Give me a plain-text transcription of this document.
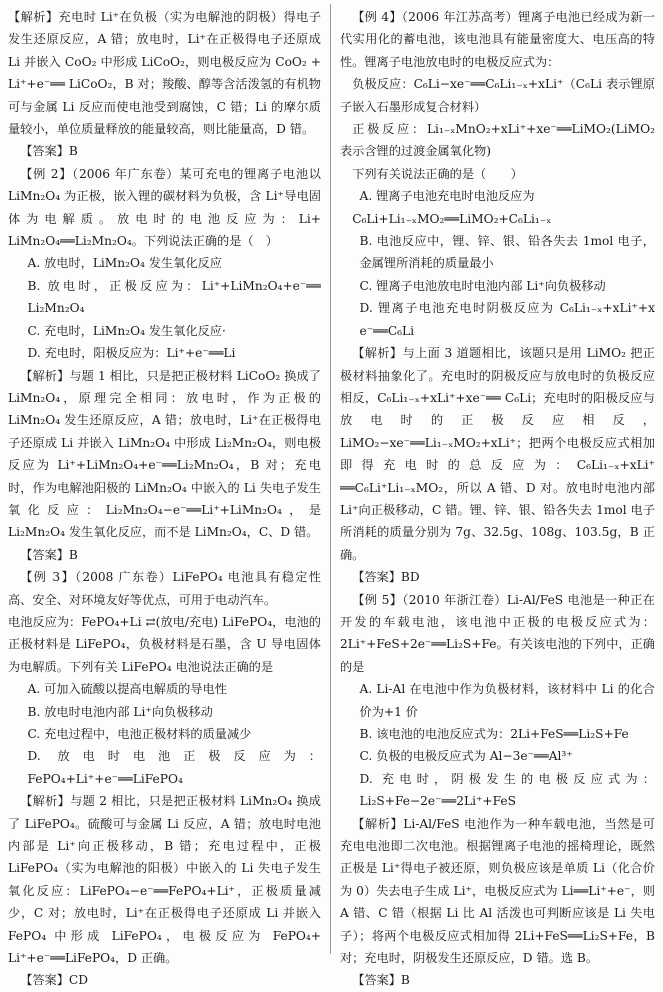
【解析】充电时 Li⁺在负极（实为电解池的阴极）得电子发生还原反应，A 错；放电时，Li⁺在正极得电子还原成 Li 并嵌入 CoO₂ 中形成 LiCoO₂，则电极反应为 CoO₂ + Li⁺+e⁻══ LiCoO₂，B 对；羧酸、醇等含活泼氢的有机物可与金属 Li 反应而使电池受到腐蚀，C 错；Li 的摩尔质量较小，单位质量释放的能量较高，则比能量高，D 错。

【答案】B

【例 2】（2006 年广东卷）某可充电的锂离子电池以 LiMn₂O₄ 为正极，嵌入锂的碳材料为负极，含 Li⁺导电固体为电解质。放电时的电池反应为：Li+ LiMn₂O₄══Li₂Mn₂O₄。下列说法正确的是（　）

A. 放电时，LiMn₂O₄ 发生氧化反应

B. 放电时，正极反应为：Li⁺+LiMn₂O₄+e⁻══ Li₂Mn₂O₄

C. 充电时，LiMn₂O₄ 发生氧化反应·

D. 充电时，阳极反应为：Li⁺+e⁻══Li

【解析】与题 1 相比，只是把正极材料 LiCoO₂ 换成了 LiMn₂O₄，原理完全相同：放电时，作为正极的 LiMn₂O₄ 发生还原反应，A 错；放电时，Li⁺在正极得电子还原成 Li 并嵌入 LiMn₂O₄ 中形成 Li₂Mn₂O₄，则电极反应为 Li⁺+LiMn₂O₄+e⁻══Li₂Mn₂O₄，B 对；充电时，作为电解池阳极的 LiMn₂O₄ 中嵌入的 Li 失电子发生氧化反应：Li₂Mn₂O₄−e⁻══Li⁺+LiMn₂O₄，是 Li₂Mn₂O₄ 发生氧化反应，而不是 LiMn₂O₄，C、D 错。

【答案】B

【例 3】（2008 广东卷）LiFePO₄ 电池具有稳定性高、安全、对环境友好等优点，可用于电动汽车。

电池反应为：FePO₄+Li ⇄(放电/充电) LiFePO₄，电池的正极材料是 LiFePO₄，负极材料是石墨，含 U 导电固体为电解质。下列有关 LiFePO₄ 电池说法正确的是

A. 可加入硫酸以提高电解质的导电性

B. 放电时电池内部 Li⁺向负极移动

C. 充电过程中，电池正极材料的质量减少

D. 放电时电池正极反应为：FePO₄+Li⁺+e⁻══LiFePO₄

【解析】与题 2 相比，只是把正极材料 LiMn₂O₄ 换成了 LiFePO₄。硫酸可与金属 Li 反应，A 错；放电时电池内部是 Li⁺向正极移动，B 错；充电过程中，正极 LiFePO₄（实为电解池的阳极）中嵌入的 Li 失电子发生氧化反应：LiFePO₄−e⁻══FePO₄+Li⁺，正极质量减少，C 对；放电时，Li⁺在正极得电子还原成 Li 并嵌入 FePO₄ 中形成 LiFePO₄，电极反应为 FePO₄+ Li⁺+e⁻══LiFePO₄，D 正确。

【答案】CD

【例 4】（2006 年江苏高考）锂离子电池已经成为新一代实用化的蓄电池，该电池具有能量密度大、电压高的特性。锂离子电池放电时的电极反应式为：

负极反应：C₆Li−xe⁻══C₆Li₁₋ₓ+xLi⁺（C₆Li 表示锂原子嵌入石墨形成复合材料）

正极反应：Li₁₋ₓMnO₂+xLi⁺+xe⁻══LiMO₂(LiMO₂ 表示含锂的过渡金属氧化物)

下列有关说法正确的是（　　）

A. 锂离子电池充电时电池反应为

C₆Li+Li₁₋ₓMO₂══LiMO₂+C₆Li₁₋ₓ

B. 电池反应中，锂、锌、银、铅各失去 1mol 电子，金属锂所消耗的质量最小

C. 锂离子电池放电时电池内部 Li⁺向负极移动

D. 锂离子电池充电时阴极反应为 C₆Li₁₋ₓ+xLi⁺+x e⁻══C₆Li

【解析】与上面 3 道题相比，该题只是用 LiMO₂ 把正极材料抽象化了。充电时的阴极反应与放电时的负极反应相反，C₆Li₁₋ₓ+xLi⁺+xe⁻══ C₆Li；充电时的阳极反应与放电时的正极反应相反，LiMO₂−xe⁻══Li₁₋ₓMO₂+xLi⁺；把两个电极反应式相加即得充电时的总反应为：C₆Li₁₋ₓ+xLi⁺ ══C₆Li⁺Li₁₋ₓMO₂，所以 A 错、D 对。放电时电池内部 Li⁺向正极移动，C 错。锂、锌、银、铅各失去 1mol 电子所消耗的质量分别为 7g、32.5g、108g、103.5g，B 正确。

【答案】BD

【例 5】（2010 年浙江卷）Li-Al/FeS 电池是一种正在开发的车载电池，该电池中正极的电极反应式为：2Li⁺+FeS+2e⁻══Li₂S+Fe。有关该电池的下列中，正确的是

A. Li-Al 在电池中作为负极材料，该材料中 Li 的化合价为+1 价

B. 该电池的电池反应式为：2Li+FeS══Li₂S+Fe

C. 负极的电极反应式为 Al−3e⁻══Al³⁺

D. 充电时，阴极发生的电极反应式为：Li₂S+Fe−2e⁻══2Li⁺+FeS

【解析】Li-Al/FeS 电池作为一种车载电池，当然是可充电电池即二次电池。根据锂离子电池的摇椅理论，既然正极是 Li⁺得电子被还原，则负极应该是单质 Li（化合价为 0）失去电子生成 Li⁺，电极反应式为 Li══Li⁺+e⁻，则 A 错、C 错（根据 Li 比 Al 活泼也可判断应该是 Li 失电子）；将两个电极反应式相加得 2Li+FeS══Li₂S+Fe，B 对；充电时，阴极发生还原反应，D 错。选 B。

【答案】B
